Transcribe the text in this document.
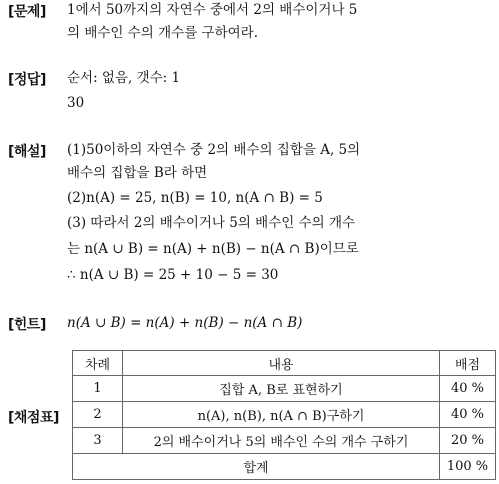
[문제] 1에서 50까지의 자연수 중에서 2의 배수이거나 5
의 배수인 수의 개수를 구하여라.
[정답] 순서: 없음, 갯수: 1
30
[해설] (1)50이하의 자연수 중 2의 배수의 집합을 A, 5의
배수의 집합을 B라 하면
(2)n(A) = 25, n(B) = 10, n(A ∩ B) = 5
(3) 따라서 2의 배수이거나 5의 배수인 수의 개수
는 n(A ∪ B) = n(A) + n(B) − n(A ∩ B)이므로
∴ n(A ∪ B) = 25 + 10 − 5 = 30
[힌트] n(A ∪ B) = n(A) + n(B) − n(A ∩ B)
[채점표]
차례	내용	배점
1	집합 A, B로 표현하기	40 %
2	n(A), n(B), n(A ∩ B)구하기	40 %
3	2의 배수이거나 5의 배수인 수의 개수 구하기	20 %
합계		100 %
